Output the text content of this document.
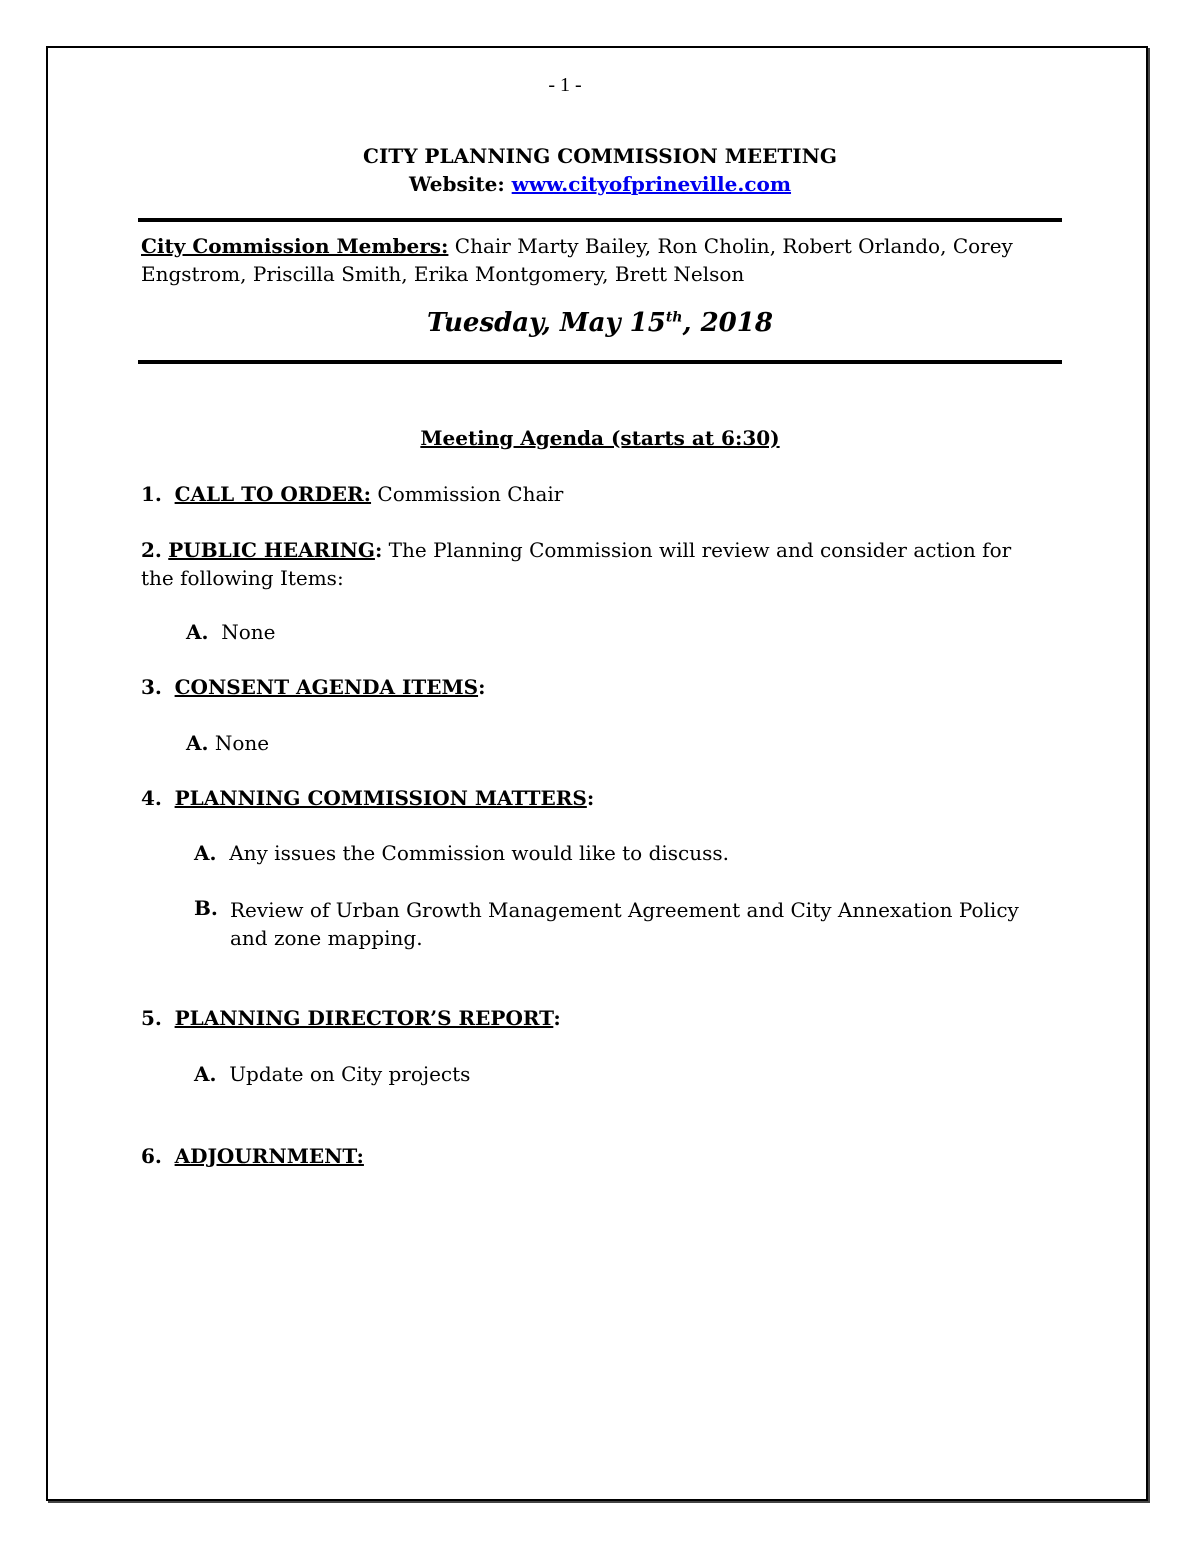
- 1 -
CITY PLANNING COMMISSION MEETING
Website: www.cityofprineville.com
City Commission Members: Chair Marty Bailey, Ron Cholin, Robert Orlando, Corey Engstrom, Priscilla Smith, Erika Montgomery, Brett Nelson
Tuesday, May 15th, 2018
Meeting Agenda (starts at 6:30)
1. CALL TO ORDER: Commission Chair
2. PUBLIC HEARING: The Planning Commission will review and consider action for the following Items:
A. None
3. CONSENT AGENDA ITEMS:
A. None
4. PLANNING COMMISSION MATTERS:
A. Any issues the Commission would like to discuss.
B. Review of Urban Growth Management Agreement and City Annexation Policy and zone mapping.
5. PLANNING DIRECTOR’S REPORT:
A. Update on City projects
6. ADJOURNMENT:
